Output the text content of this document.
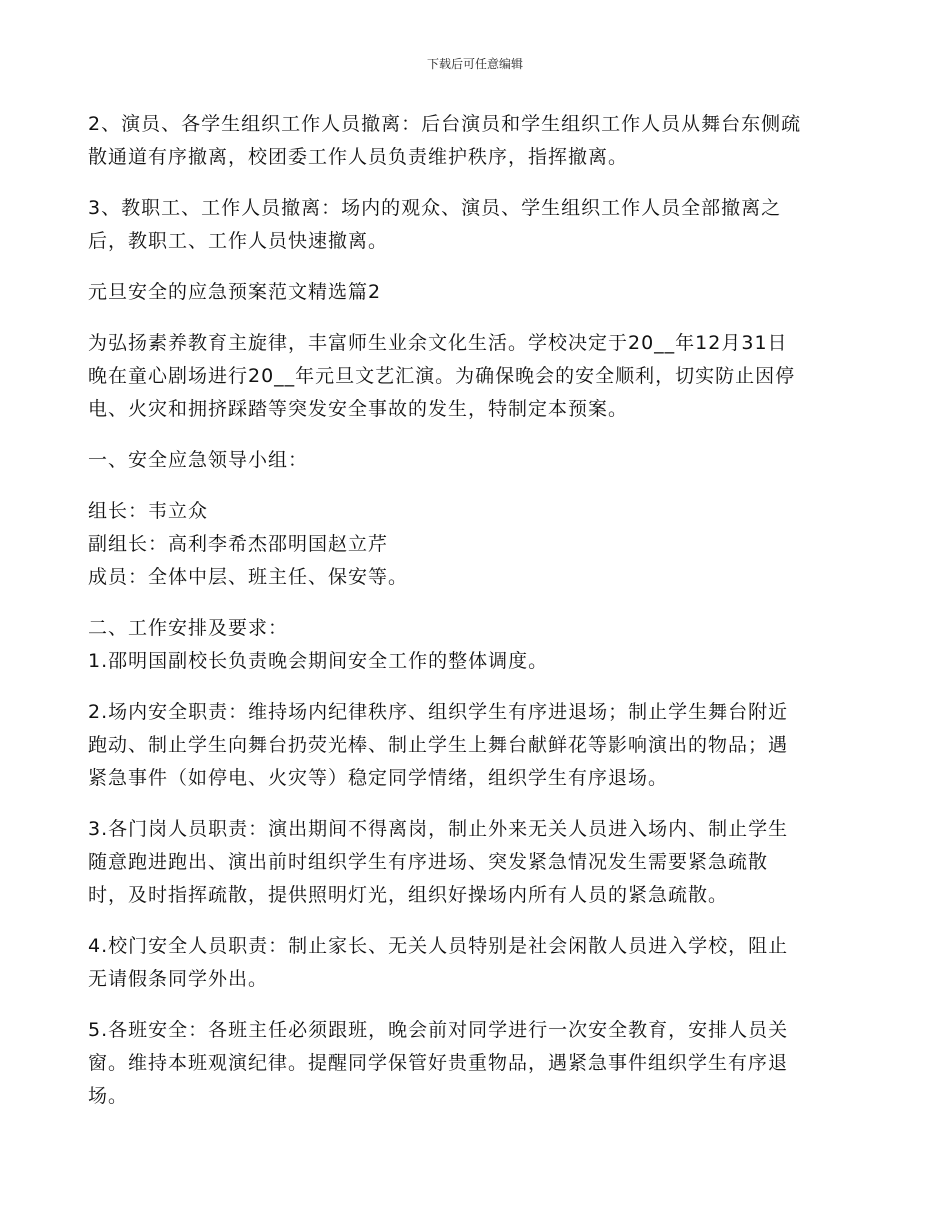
下载后可任意编辑

2、演员、各学生组织工作人员撤离：后台演员和学生组织工作人员从舞台东侧疏
散通道有序撤离，校团委工作人员负责维护秩序，指挥撤离。

3、教职工、工作人员撤离：场内的观众、演员、学生组织工作人员全部撤离之
后，教职工、工作人员快速撤离。

元旦安全的应急预案范文精选篇2

为弘扬素养教育主旋律，丰富师生业余文化生活。学校决定于20__年12月31日
晚在童心剧场进行20__年元旦文艺汇演。为确保晚会的安全顺利，切实防止因停
电、火灾和拥挤踩踏等突发安全事故的发生，特制定本预案。

一、安全应急领导小组：

组长：韦立众

副组长：高利李希杰邵明国赵立芹

成员：全体中层、班主任、保安等。

二、工作安排及要求：

1.邵明国副校长负责晚会期间安全工作的整体调度。

2.场内安全职责：维持场内纪律秩序、组织学生有序进退场；制止学生舞台附近
跑动、制止学生向舞台扔荧光棒、制止学生上舞台献鲜花等影响演出的物品；遇
紧急事件（如停电、火灾等）稳定同学情绪，组织学生有序退场。

3.各门岗人员职责：演出期间不得离岗，制止外来无关人员进入场内、制止学生
随意跑进跑出、演出前时组织学生有序进场、突发紧急情况发生需要紧急疏散
时，及时指挥疏散，提供照明灯光，组织好操场内所有人员的紧急疏散。

4.校门安全人员职责：制止家长、无关人员特别是社会闲散人员进入学校，阻止
无请假条同学外出。

5.各班安全：各班主任必须跟班，晚会前对同学进行一次安全教育，安排人员关
窗。维持本班观演纪律。提醒同学保管好贵重物品，遇紧急事件组织学生有序退
场。
